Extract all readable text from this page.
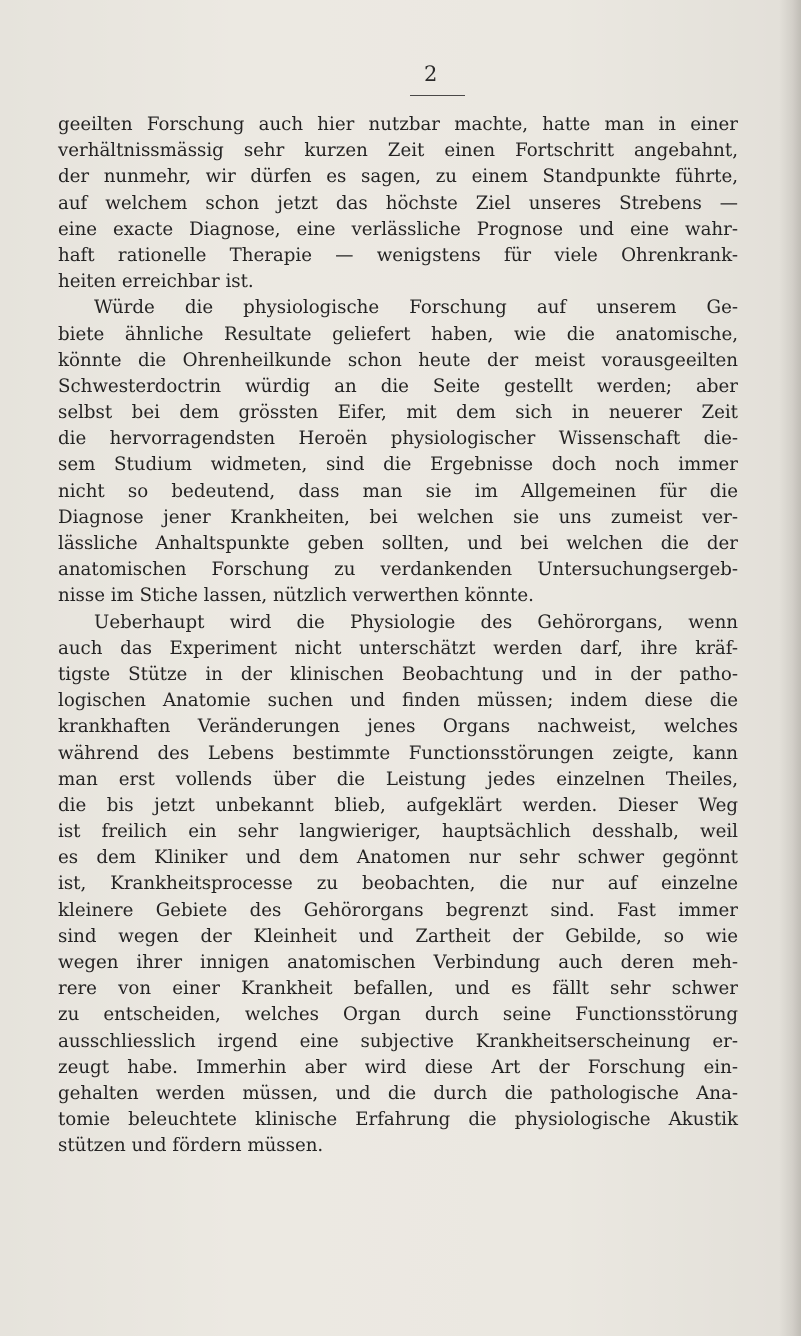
2
geeilten Forschung auch hier nutzbar machte, hatte man in einer
verhältnissmässig sehr kurzen Zeit einen Fortschritt angebahnt,
der nunmehr, wir dürfen es sagen, zu einem Standpunkte führte,
auf welchem schon jetzt das höchste Ziel unseres Strebens —
eine exacte Diagnose, eine verlässliche Prognose und eine wahr-
haft rationelle Therapie — wenigstens für viele Ohrenkrank-
heiten erreichbar ist.
Würde die physiologische Forschung auf unserem Ge-
biete ähnliche Resultate geliefert haben, wie die anatomische,
könnte die Ohrenheilkunde schon heute der meist vorausgeeilten
Schwesterdoctrin würdig an die Seite gestellt werden; aber
selbst bei dem grössten Eifer, mit dem sich in neuerer Zeit
die hervorragendsten Heroën physiologischer Wissenschaft die-
sem Studium widmeten, sind die Ergebnisse doch noch immer
nicht so bedeutend, dass man sie im Allgemeinen für die
Diagnose jener Krankheiten, bei welchen sie uns zumeist ver-
lässliche Anhaltspunkte geben sollten, und bei welchen die der
anatomischen Forschung zu verdankenden Untersuchungsergeb-
nisse im Stiche lassen, nützlich verwerthen könnte.
Ueberhaupt wird die Physiologie des Gehörorgans, wenn
auch das Experiment nicht unterschätzt werden darf, ihre kräf-
tigste Stütze in der klinischen Beobachtung und in der patho-
logischen Anatomie suchen und finden müssen; indem diese die
krankhaften Veränderungen jenes Organs nachweist, welches
während des Lebens bestimmte Functionsstörungen zeigte, kann
man erst vollends über die Leistung jedes einzelnen Theiles,
die bis jetzt unbekannt blieb, aufgeklärt werden. Dieser Weg
ist freilich ein sehr langwieriger, hauptsächlich desshalb, weil
es dem Kliniker und dem Anatomen nur sehr schwer gegönnt
ist, Krankheitsprocesse zu beobachten, die nur auf einzelne
kleinere Gebiete des Gehörorgans begrenzt sind. Fast immer
sind wegen der Kleinheit und Zartheit der Gebilde, so wie
wegen ihrer innigen anatomischen Verbindung auch deren meh-
rere von einer Krankheit befallen, und es fällt sehr schwer
zu entscheiden, welches Organ durch seine Functionsstörung
ausschliesslich irgend eine subjective Krankheitserscheinung er-
zeugt habe. Immerhin aber wird diese Art der Forschung ein-
gehalten werden müssen, und die durch die pathologische Ana-
tomie beleuchtete klinische Erfahrung die physiologische Akustik
stützen und fördern müssen.
